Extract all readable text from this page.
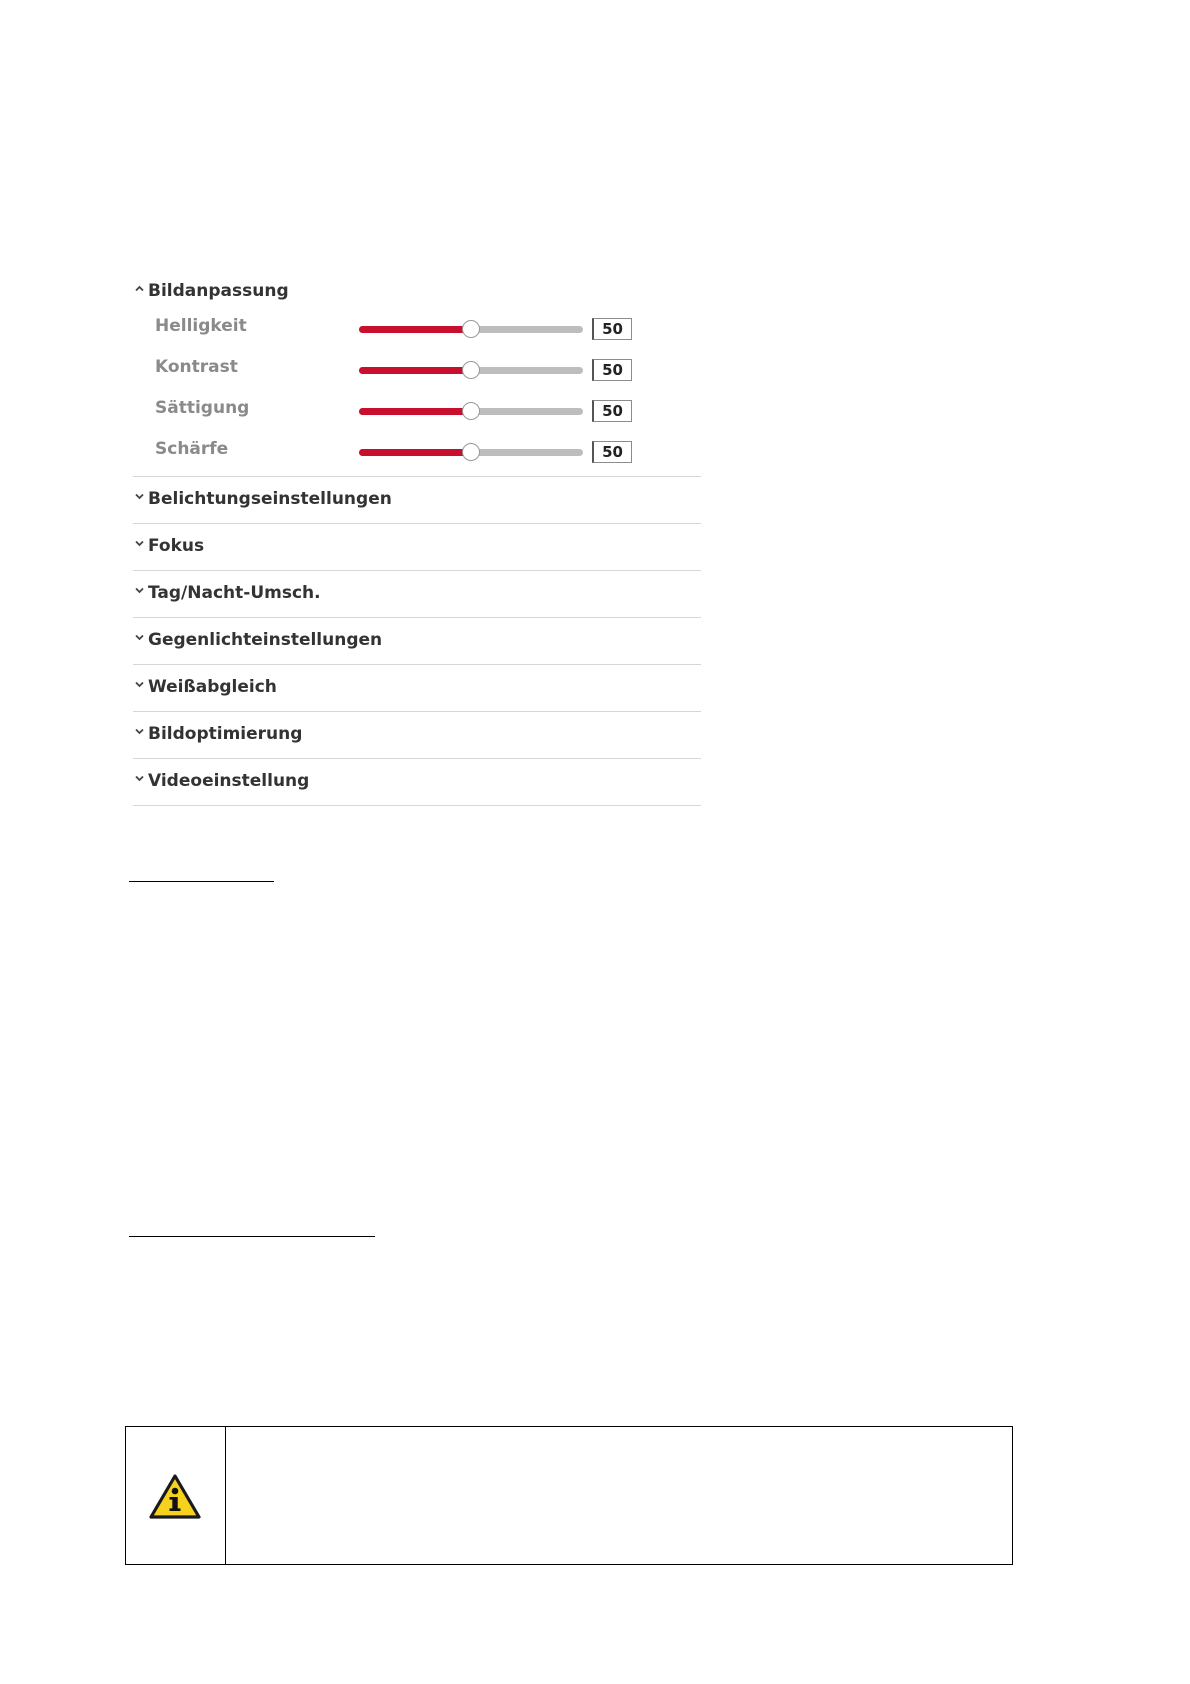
Bildanpassung
Helligkeit	50
Kontrast	50
Sättigung	50
Schärfe	50
Belichtungseinstellungen
Fokus
Tag/Nacht-Umsch.
Gegenlichteinstellungen
Weißabgleich
Bildoptimierung
Videoeinstellung
